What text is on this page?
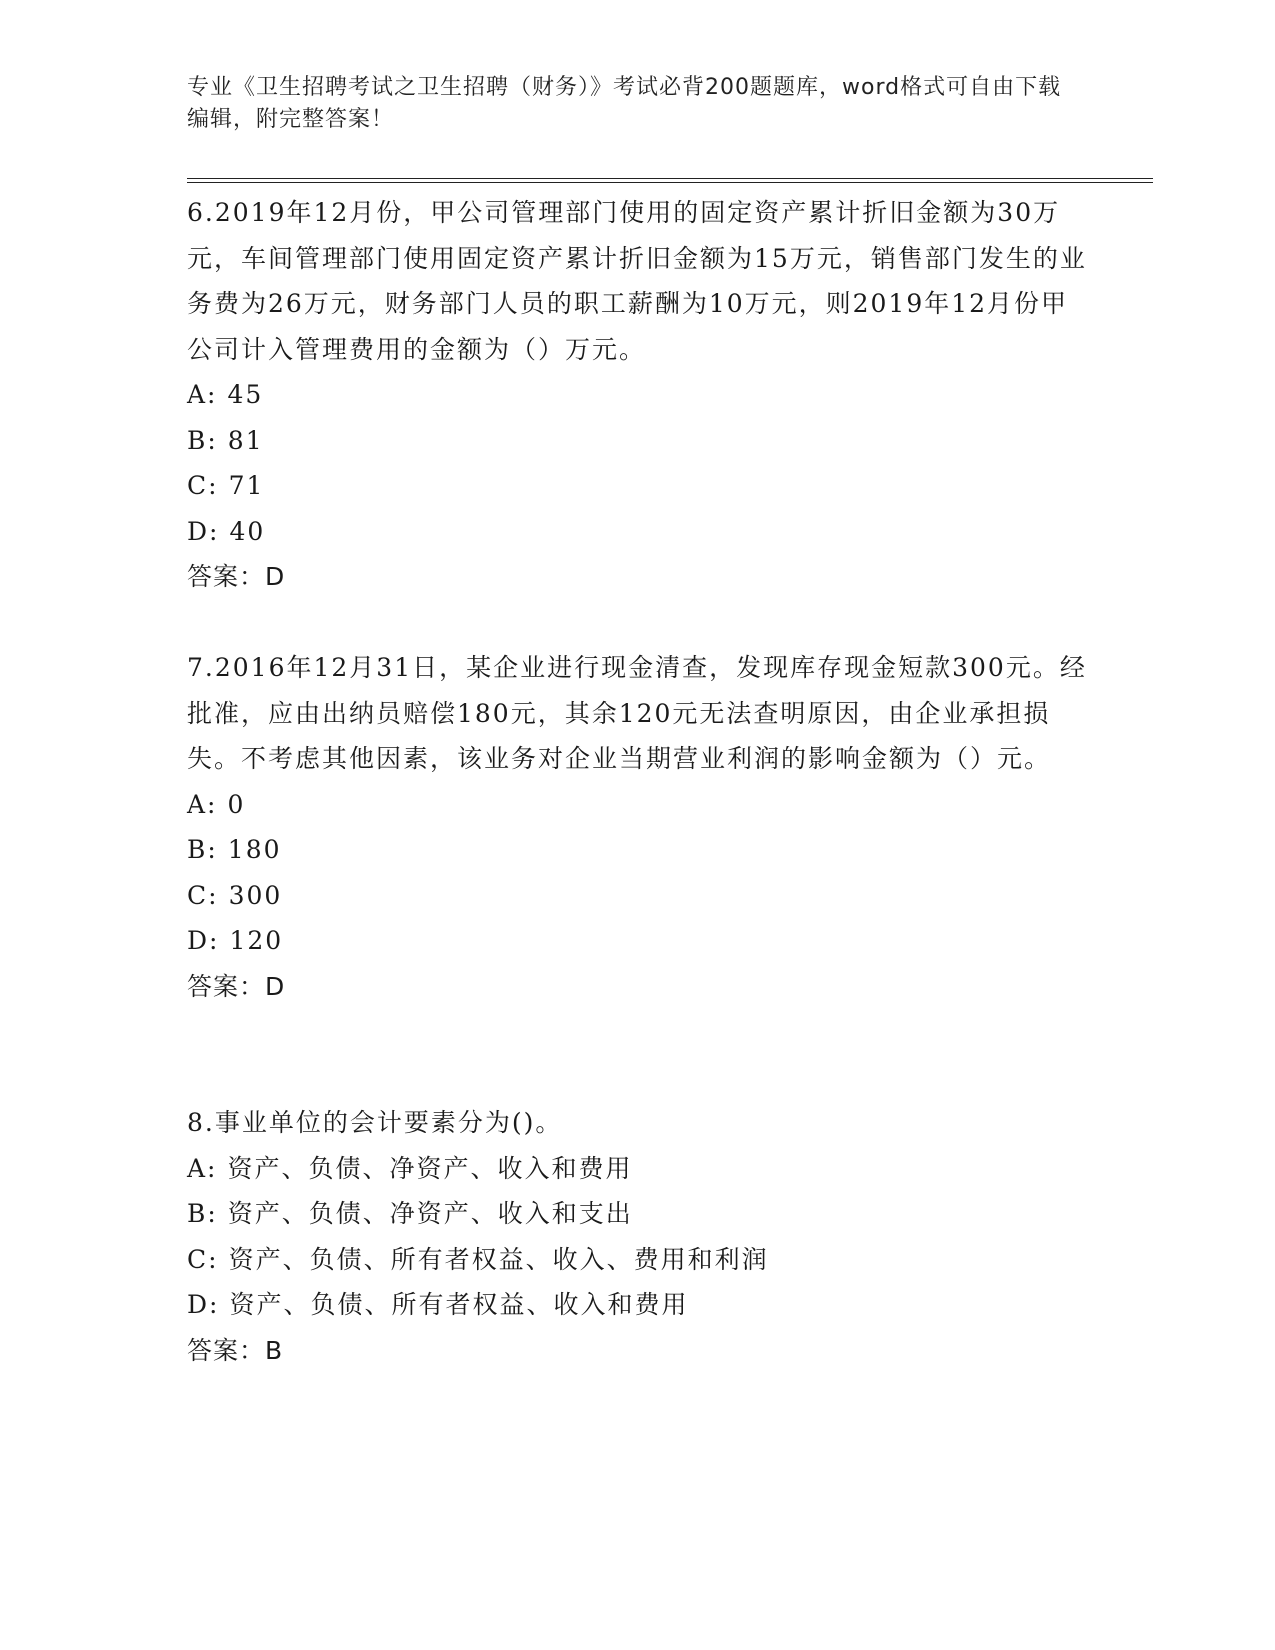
专业《卫生招聘考试之卫生招聘（财务）》考试必背200题题库，word格式可自由下载编辑，附完整答案！

6.2019年12月份，甲公司管理部门使用的固定资产累计折旧金额为30万元，车间管理部门使用固定资产累计折旧金额为15万元，销售部门发生的业务费为26万元，财务部门人员的职工薪酬为10万元，则2019年12月份甲公司计入管理费用的金额为（）万元。

A: 45

B: 81

C: 71

D: 40

答案：D

7.2016年12月31日，某企业进行现金清查，发现库存现金短款300元。经批准，应由出纳员赔偿180元，其余120元无法查明原因，由企业承担损失。不考虑其他因素，该业务对企业当期营业利润的影响金额为（）元。

A: 0

B: 180

C: 300

D: 120

答案：D

8.事业单位的会计要素分为()。

A: 资产、负债、净资产、收入和费用

B: 资产、负债、净资产、收入和支出

C: 资产、负债、所有者权益、收入、费用和利润

D: 资产、负债、所有者权益、收入和费用

答案：B
